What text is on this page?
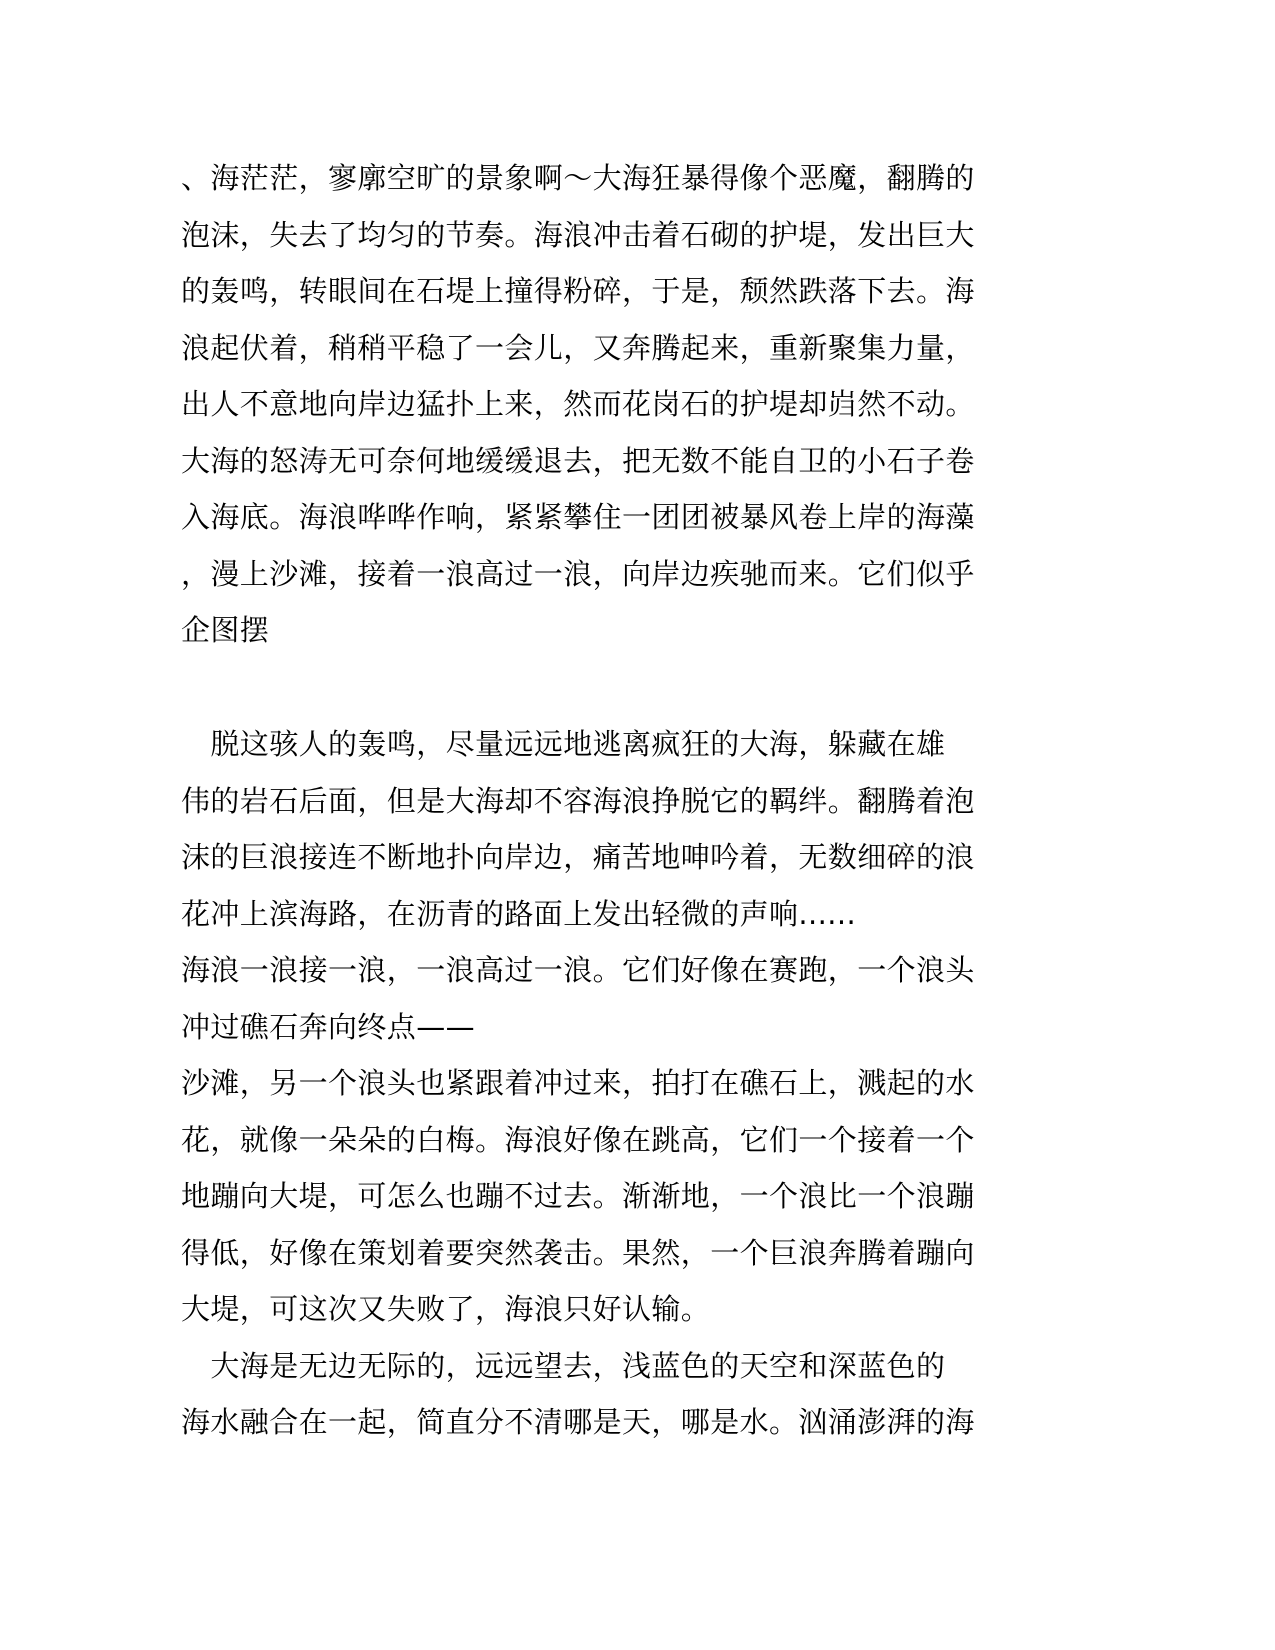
、海茫茫，寥廓空旷的景象啊～大海狂暴得像个恶魔，翻腾的
泡沫，失去了均匀的节奏。海浪冲击着石砌的护堤，发出巨大
的轰鸣，转眼间在石堤上撞得粉碎，于是，颓然跌落下去。海
浪起伏着，稍稍平稳了一会儿，又奔腾起来，重新聚集力量，
出人不意地向岸边猛扑上来，然而花岗石的护堤却岿然不动。
大海的怒涛无可奈何地缓缓退去，把无数不能自卫的小石子卷
入海底。海浪哗哗作响，紧紧攀住一团团被暴风卷上岸的海藻
，漫上沙滩，接着一浪高过一浪，向岸边疾驰而来。它们似乎
企图摆
　脱这骇人的轰鸣，尽量远远地逃离疯狂的大海，躲藏在雄
伟的岩石后面，但是大海却不容海浪挣脱它的羁绊。翻腾着泡
沫的巨浪接连不断地扑向岸边，痛苦地呻吟着，无数细碎的浪
花冲上滨海路，在沥青的路面上发出轻微的声响......
海浪一浪接一浪，一浪高过一浪。它们好像在赛跑，一个浪头
冲过礁石奔向终点——
沙滩，另一个浪头也紧跟着冲过来，拍打在礁石上，溅起的水
花，就像一朵朵的白梅。海浪好像在跳高，它们一个接着一个
地蹦向大堤，可怎么也蹦不过去。渐渐地，一个浪比一个浪蹦
得低，好像在策划着要突然袭击。果然，一个巨浪奔腾着蹦向
大堤，可这次又失败了，海浪只好认输。
　大海是无边无际的，远远望去，浅蓝色的天空和深蓝色的
海水融合在一起，简直分不清哪是天，哪是水。汹涌澎湃的海
